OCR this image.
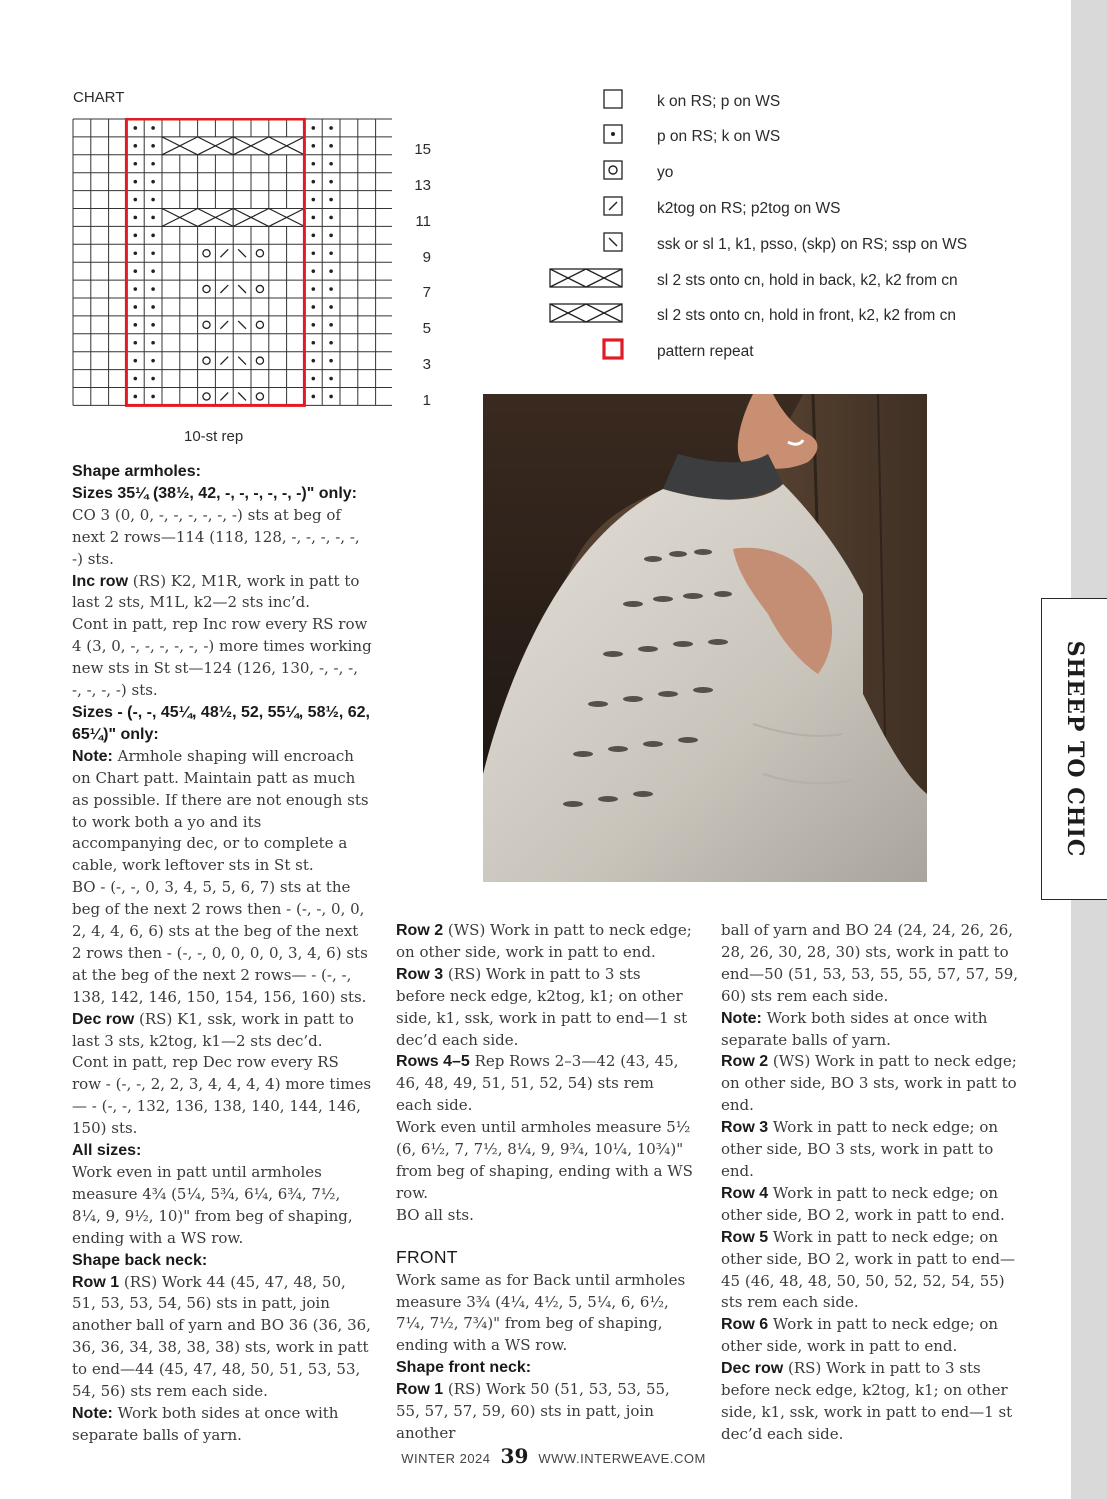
SHEEP TO CHIC
CHART
15
13
11
9
7
5
3
1
10-st rep
k on RS; p on WS
p on RS; k on WS
yo
k2tog on RS; p2tog on WS
ssk or sl 1, k1, psso, (skp) on RS; ssp on WS
sl 2 sts onto cn, hold in back, k2, k2 from cn
sl 2 sts onto cn, hold in front, k2, k2 from cn
pattern repeat

Shape armholes:

Sizes 35¼ (38½, 42, -, -, -, -, -, -)" only:

CO 3 (0, 0, -, -, -, -, -, -) sts at beg of next 2 rows—114 (118, 128, -, -, -, -, -, -) sts.

Inc row (RS) K2, M1R, work in patt to last 2 sts, M1L, k2—2 sts inc’d.

Cont in patt, rep Inc row every RS row 4 (3, 0, -, -, -, -, -, -) more times working new sts in St st—124 (126, 130, -, -, -, -, -, -, -) sts.

Sizes - (-, -, 45¼, 48½, 52, 55¼, 58½, 62, 65¼)" only:

Note: Armhole shaping will encroach on Chart patt. Maintain patt as much as possible. If there are not enough sts to work both a yo and its accompanying dec, or to complete a cable, work leftover sts in St st.

BO - (-, -, 0, 3, 4, 5, 5, 6, 7) sts at the beg of the next 2 rows then - (-, -, 0, 0, 2, 4, 4, 6, 6) sts at the beg of the next 2 rows then - (-, -, 0, 0, 0, 0, 3, 4, 6) sts at the beg of the next 2 rows— - (-, -, 138, 142, 146, 150, 154, 156, 160) sts.

Dec row (RS) K1, ssk, work in patt to last 3 sts, k2tog, k1—2 sts dec’d.

Cont in patt, rep Dec row every RS row - (-, -, 2, 2, 3, 4, 4, 4, 4) more times— - (-, -, 132, 136, 138, 140, 144, 146, 150) sts.

All sizes:

Work even in patt until armholes measure 4¾ (5¼, 5¾, 6¼, 6¾, 7½, 8¼, 9, 9½, 10)" from beg of shaping, ending with a WS row.

Shape back neck:

Row 1 (RS) Work 44 (45, 47, 48, 50, 51, 53, 53, 54, 56) sts in patt, join another ball of yarn and BO 36 (36, 36, 36, 36, 34, 38, 38, 38) sts, work in patt to end—44 (45, 47, 48, 50, 51, 53, 53, 54, 56) sts rem each side.

Note: Work both sides at once with separate balls of yarn.

Row 2 (WS) Work in patt to neck edge; on other side, work in patt to end.

Row 3 (RS) Work in patt to 3 sts before neck edge, k2tog, k1; on other side, k1, ssk, work in patt to end—1 st dec’d each side.

Rows 4–5 Rep Rows 2–3—42 (43, 45, 46, 48, 49, 51, 51, 52, 54) sts rem each side.

Work even until armholes measure 5½ (6, 6½, 7, 7½, 8¼, 9, 9¾, 10¼, 10¾)" from beg of shaping, ending with a WS row.

BO all sts.

FRONT

Work same as for Back until armholes measure 3¾ (4¼, 4½, 5, 5¼, 6, 6½, 7¼, 7½, 7¾)" from beg of shaping, ending with a WS row.

Shape front neck:

Row 1 (RS) Work 50 (51, 53, 53, 55, 55, 57, 57, 59, 60) sts in patt, join another

ball of yarn and BO 24 (24, 24, 26, 26, 28, 26, 30, 28, 30) sts, work in patt to end—50 (51, 53, 53, 55, 55, 57, 57, 59, 60) sts rem each side.

Note: Work both sides at once with separate balls of yarn.

Row 2 (WS) Work in patt to neck edge; on other side, BO 3 sts, work in patt to end.

Row 3 Work in patt to neck edge; on other side, BO 3 sts, work in patt to end.

Row 4 Work in patt to neck edge; on other side, BO 2, work in patt to end.

Row 5 Work in patt to neck edge; on other side, BO 2, work in patt to end—45 (46, 48, 48, 50, 50, 52, 52, 54, 55) sts rem each side.

Row 6 Work in patt to neck edge; on other side, work in patt to end.

Dec row (RS) Work in patt to 3 sts before neck edge, k2tog, k1; on other side, k1, ssk, work in patt to end—1 st dec’d each side.

WINTER 2024 39 WWW.INTERWEAVE.COM
